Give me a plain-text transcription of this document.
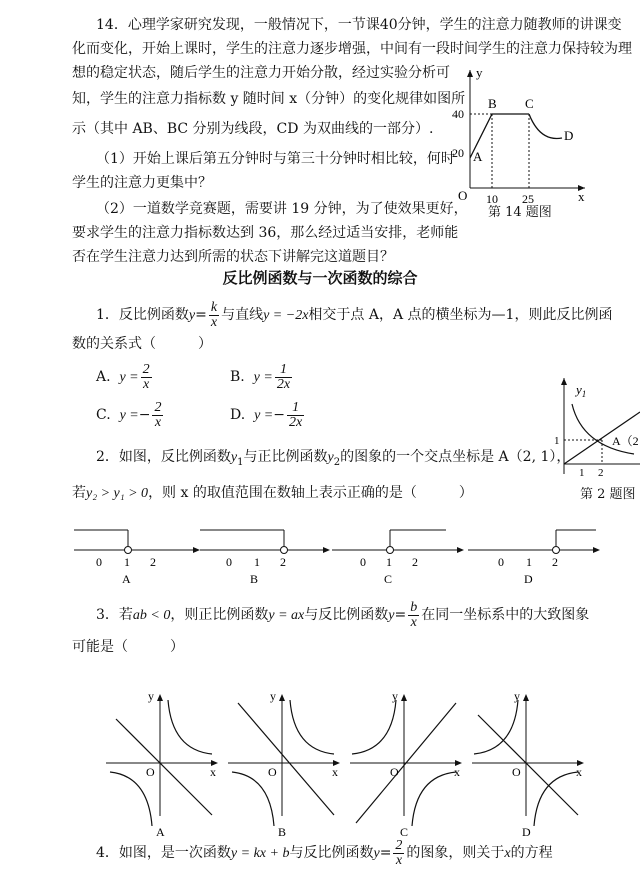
14．心理学家研究发现，一般情况下，一节课40分钟，学生的注意力随教师的讲课变
化而变化，开始上课时，学生的注意力逐步增强，中间有一段时间学生的注意力保持较为理
想的稳定状态，随后学生的注意力开始分散，经过实验分析可
知，学生的注意力指标数 y 随时间 x（分钟）的变化规律如图所
示（其中 AB、BC 分别为线段，CD 为双曲线的一部分）.
（1）开始上课后第五分钟时与第三十分钟时相比较，何时
学生的注意力更集中？
（2）一道数学竞赛题，需要讲 19 分钟，为了使效果更好，
要求学生的注意力指标数达到 36，那么经过适当安排，老师能
否在学生注意力达到所需的状态下讲解完这道题目？
y
x
O
40
20
10 25
A
B C
D
第 14 题图
反比例函数与一次函数的综合
1．反比例函数$y= \frac{k}{x}$ 与直线y = −2x相交于点 A，A 点的横坐标为—1，则此反比例函
数的关系式（　　　）
A. $y = \frac{2}{x}$	B. $y = \frac{1}{2x}$
C. $y =- \frac{2}{x}$	D. $y =- \frac{1}{2x}$
2．如图，反比例函数$y_1$与正比例函数$y_2$的图象的一个交点坐标是 A（2, 1），
若y₂ > y₁ > 0，则 x 的取值范围在数轴上表示正确的是（　　　）
$y_1$
1
1 2
A（2
第 2 题图
0 1 2
A
0 1 2
B
0 1 2
C
0 1 2
D
3．若ab < 0，则正比例函数y = ax与反比例函数$y= \frac{b}{x}$ 在同一坐标系中的大致图象
可能是（　　　）
y
x
O
A
y
x
O
B
y
x
O
C
y
x
O
D
4．如图，是一次函数y = kx + b与反比例函数$y= \frac{2}{x}$ 的图象，则关于x的方程
